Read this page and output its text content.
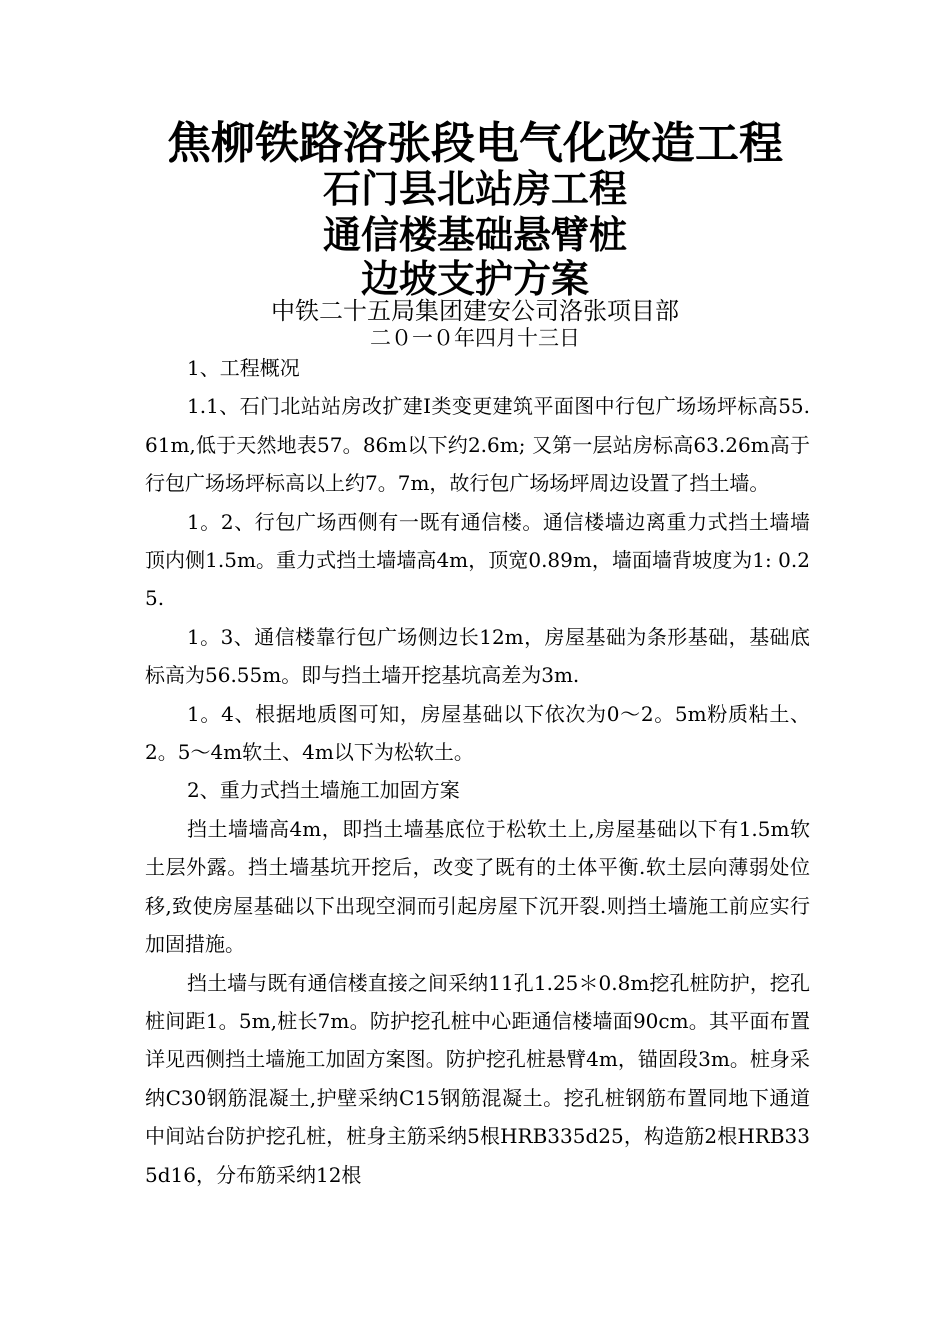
焦柳铁路洛张段电气化改造工程
石门县北站房工程
通信楼基础悬臂桩
边坡支护方案
中铁二十五局集团建安公司洛张项目部
二０一０年四月十三日

1、工程概况

1.1、石门北站站房改扩建Ⅰ类变更建筑平面图中行包广场场坪标高55.61m,低于天然地表57。86m以下约2.6m; 又第一层站房标高63.26m高于行包广场场坪标高以上约7。7m，故行包广场场坪周边设置了挡土墙。

1。2、行包广场西侧有一既有通信楼。通信楼墙边离重力式挡土墙墙顶内侧1.5m。重力式挡土墙墙高4m，顶宽0.89m，墙面墙背坡度为1: 0.25.

1。3、通信楼靠行包广场侧边长12m，房屋基础为条形基础，基础底标高为56.55m。即与挡土墙开挖基坑高差为3m.

1。4、根据地质图可知，房屋基础以下依次为0～2。5m粉质粘土、2。5～4m软土、4m以下为松软土。

2、重力式挡土墙施工加固方案

挡土墙墙高4m，即挡土墙基底位于松软土上,房屋基础以下有1.5m软土层外露。挡土墙基坑开挖后，改变了既有的土体平衡.软土层向薄弱处位移,致使房屋基础以下出现空洞而引起房屋下沉开裂.则挡土墙施工前应实行加固措施。

挡土墙与既有通信楼直接之间采纳11孔1.25＊0.8m挖孔桩防护，挖孔桩间距1。5m,桩长7m。防护挖孔桩中心距通信楼墙面90cm。其平面布置详见西侧挡土墙施工加固方案图。防护挖孔桩悬臂4m，锚固段3m。桩身采纳C30钢筋混凝土,护壁采纳C15钢筋混凝土。挖孔桩钢筋布置同地下通道中间站台防护挖孔桩，桩身主筋采纳5根HRB335d25，构造筋2根HRB335d16，分布筋采纳12根
